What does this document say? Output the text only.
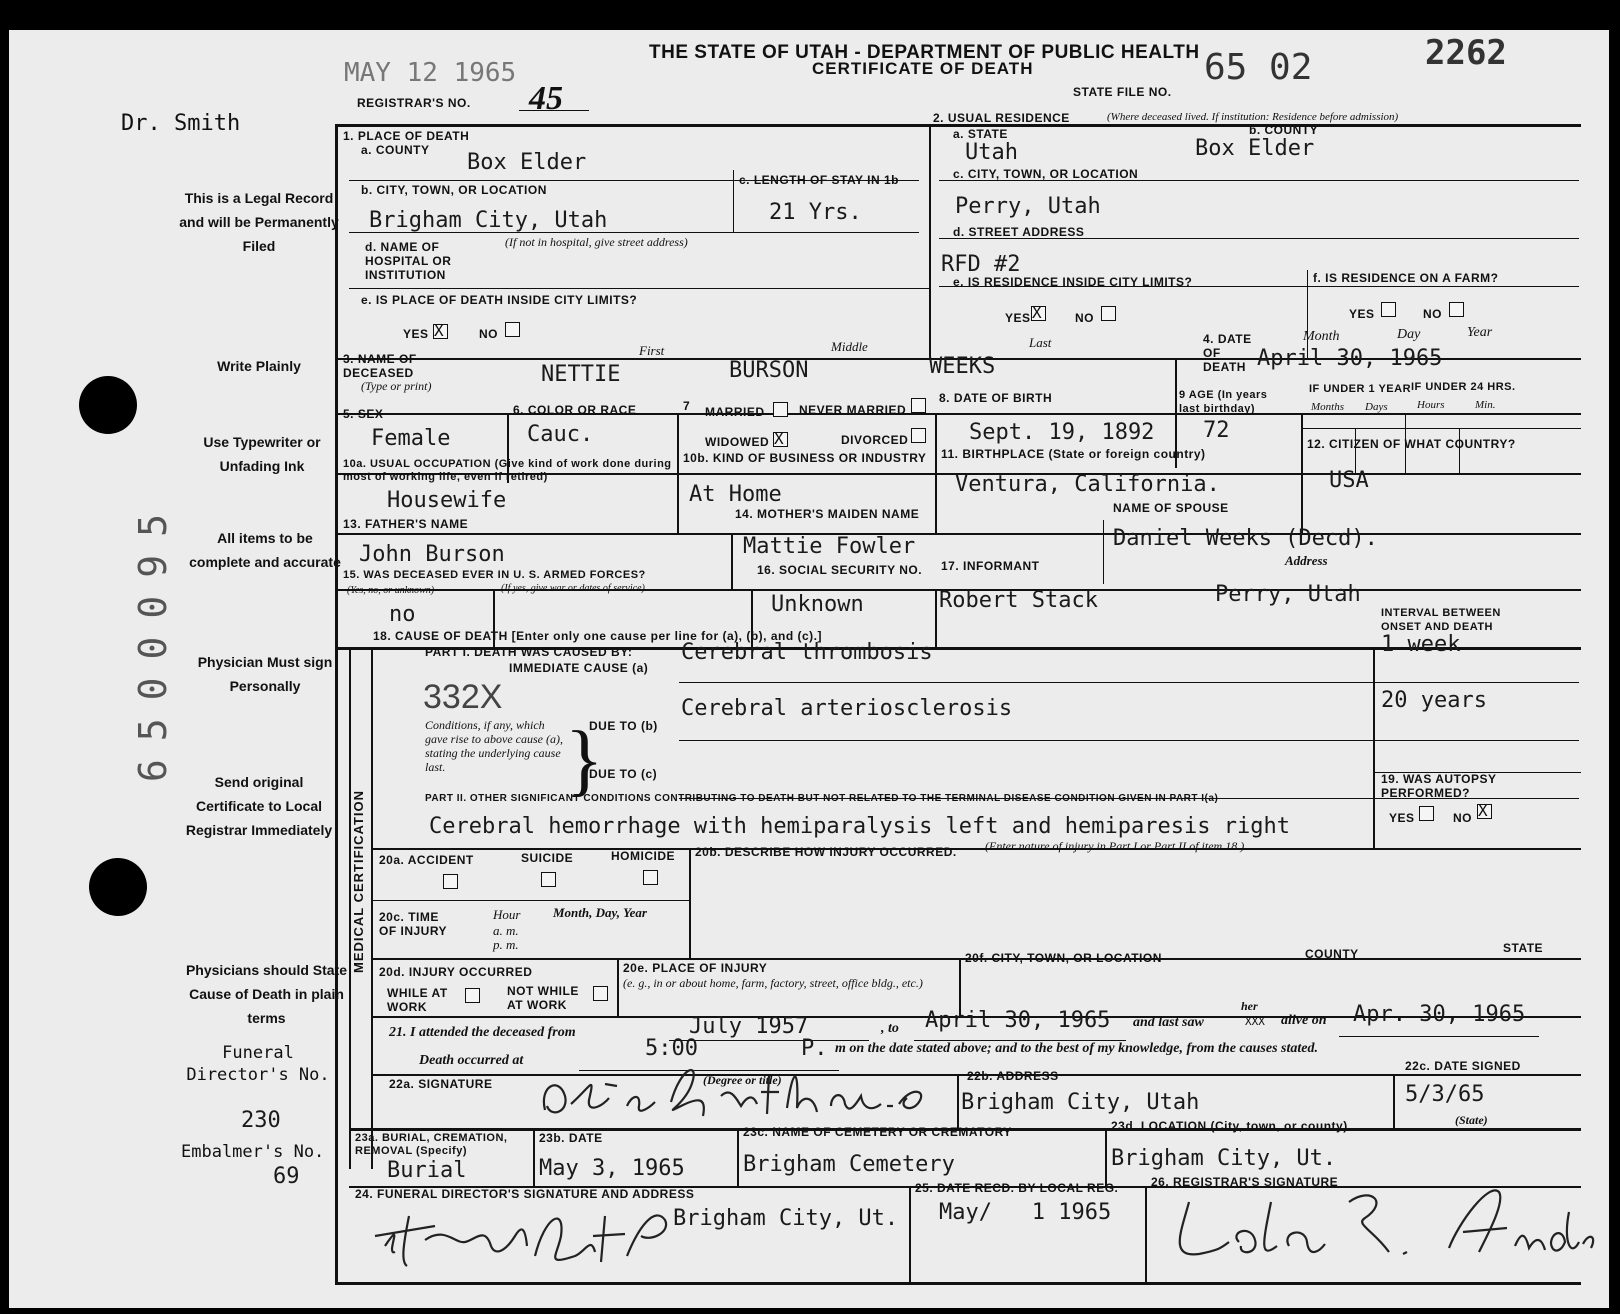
MAY 12 1965
THE STATE OF UTAH - DEPARTMENT OF PUBLIC HEALTH
CERTIFICATE OF DEATH	65 02	2262
STATE FILE NO.
REGISTRAR'S NO. 45
Dr. Smith
This is a Legal Record and will be Permanently Filed
Write Plainly
Use Typewriter or Unfading Ink
All items to be complete and accurate
Physician Must sign Personally
Send original Certificate to Local Registrar Immediately
Physicians should State Cause of Death in plain terms
Funeral Director's No.
230
Embalmer's No.
69
6500095
1. PLACE OF DEATH
a. COUNTY Box Elder
b. CITY, TOWN, OR LOCATION
Brigham City, Utah
c. LENGTH OF STAY IN 1b
21 Yrs.
d. NAME OF HOSPITAL OR INSTITUTION
(If not in hospital, give street address)
e. IS PLACE OF DEATH INSIDE CITY LIMITS?
YES X	NO
2. USUAL RESIDENCE	(Where deceased lived. If institution: Residence before admission)
a. STATE
Utah
b. COUNTY
Box Elder
c. CITY, TOWN, OR LOCATION
Perry, Utah
d. STREET ADDRESS
RFD #2
e. IS RESIDENCE INSIDE CITY LIMITS?
YES X	NO
f. IS RESIDENCE ON A FARM?
YES	NO
3. NAME OF DECEASED
(Type or print)
First	Middle	Last
NETTIE	BURSON	WEEKS
4. DATE OF DEATH
Month	Day	Year
April 30, 1965
5. SEX
Female
6. COLOR OR RACE
Cauc.
7 MARRIED	NEVER MARRIED
WIDOWED X	DIVORCED
8. DATE OF BIRTH
Sept. 19, 1892
9 AGE (In years last birthday)
72
IF UNDER 1 YEAR IF UNDER 24 HRS.
Months Days	Hours	Min.
10a. USUAL OCCUPATION (Give kind of work done during most of working life, even if retired)
Housewife
10b. KIND OF BUSINESS OR INDUSTRY
At Home
11. BIRTHPLACE (State or foreign country)
Ventura, California.
12. CITIZEN OF WHAT COUNTRY?
USA
13. FATHER'S NAME
John Burson
14. MOTHER'S MAIDEN NAME
Mattie Fowler
NAME OF SPOUSE
Daniel Weeks (Decd).
15. WAS DECEASED EVER IN U. S. ARMED FORCES?
(Yes, no, or unknown)	(If yes, give war or dates of service)
no
16. SOCIAL SECURITY NO.
Unknown
17. INFORMANT
Robert Stack
Address
Perry, Utah
MEDICAL CERTIFICATION
18. CAUSE OF DEATH [Enter only one cause per line for (a), (b), and (c).]
PART I. DEATH WAS CAUSED BY:
IMMEDIATE CAUSE (a)
Cerebral thrombosis
INTERVAL BETWEEN ONSET AND DEATH
1 week
332X
Conditions, if any, which gave rise to above cause (a), stating the underlying cause last.	}
DUE TO (b)
Cerebral arteriosclerosis	20 years
DUE TO (c)
PART II. OTHER SIGNIFICANT CONDITIONS CONTRIBUTING TO DEATH BUT NOT RELATED TO THE TERMINAL DISEASE CONDITION GIVEN IN PART I(a)
Cerebral hemorrhage with hemiparalysis left and hemiparesis right
19. WAS AUTOPSY PERFORMED?
YES	NO X
20a. ACCIDENT	SUICIDE	HOMICIDE 20b. DESCRIBE HOW INJURY OCCURRED. (Enter nature of injury in Part I or Part II of item 18.)
20c. TIME OF INJURY
Hour
a. m.
p. m.
Month, Day, Year
20d. INJURY OCCURRED
WHILE AT WORK
NOT WHILE AT WORK
20e. PLACE OF INJURY
(e. g., in or about home, farm, factory, street, office bldg., etc.)
20f. CITY, TOWN, OR LOCATION	COUNTY	STATE
21. I attended the deceased from	July 1957	, to April 30, 1965 and last saw
her
XXX alive on Apr. 30, 1965
Death occurred at	5:00	P. m on the date stated above; and to the best of my knowledge, from the causes stated.
22a. SIGNATURE	(Degree or title)	22b. ADDRESS
Brigham City, Utah
22c. DATE SIGNED
5/3/65
(State)
23a. BURIAL, CREMATION, REMOVAL (Specify)
Burial
23b. DATE
May 3, 1965
23c. NAME OF CEMETERY OR CREMATORY
Brigham Cemetery
23d. LOCATION (City, town, or county)
Brigham City, Ut.
24. FUNERAL DIRECTOR'S SIGNATURE AND ADDRESS
Brigham City, Ut.
25. DATE RECD. BY LOCAL REG.
May/   1 1965
26. REGISTRAR'S SIGNATURE
